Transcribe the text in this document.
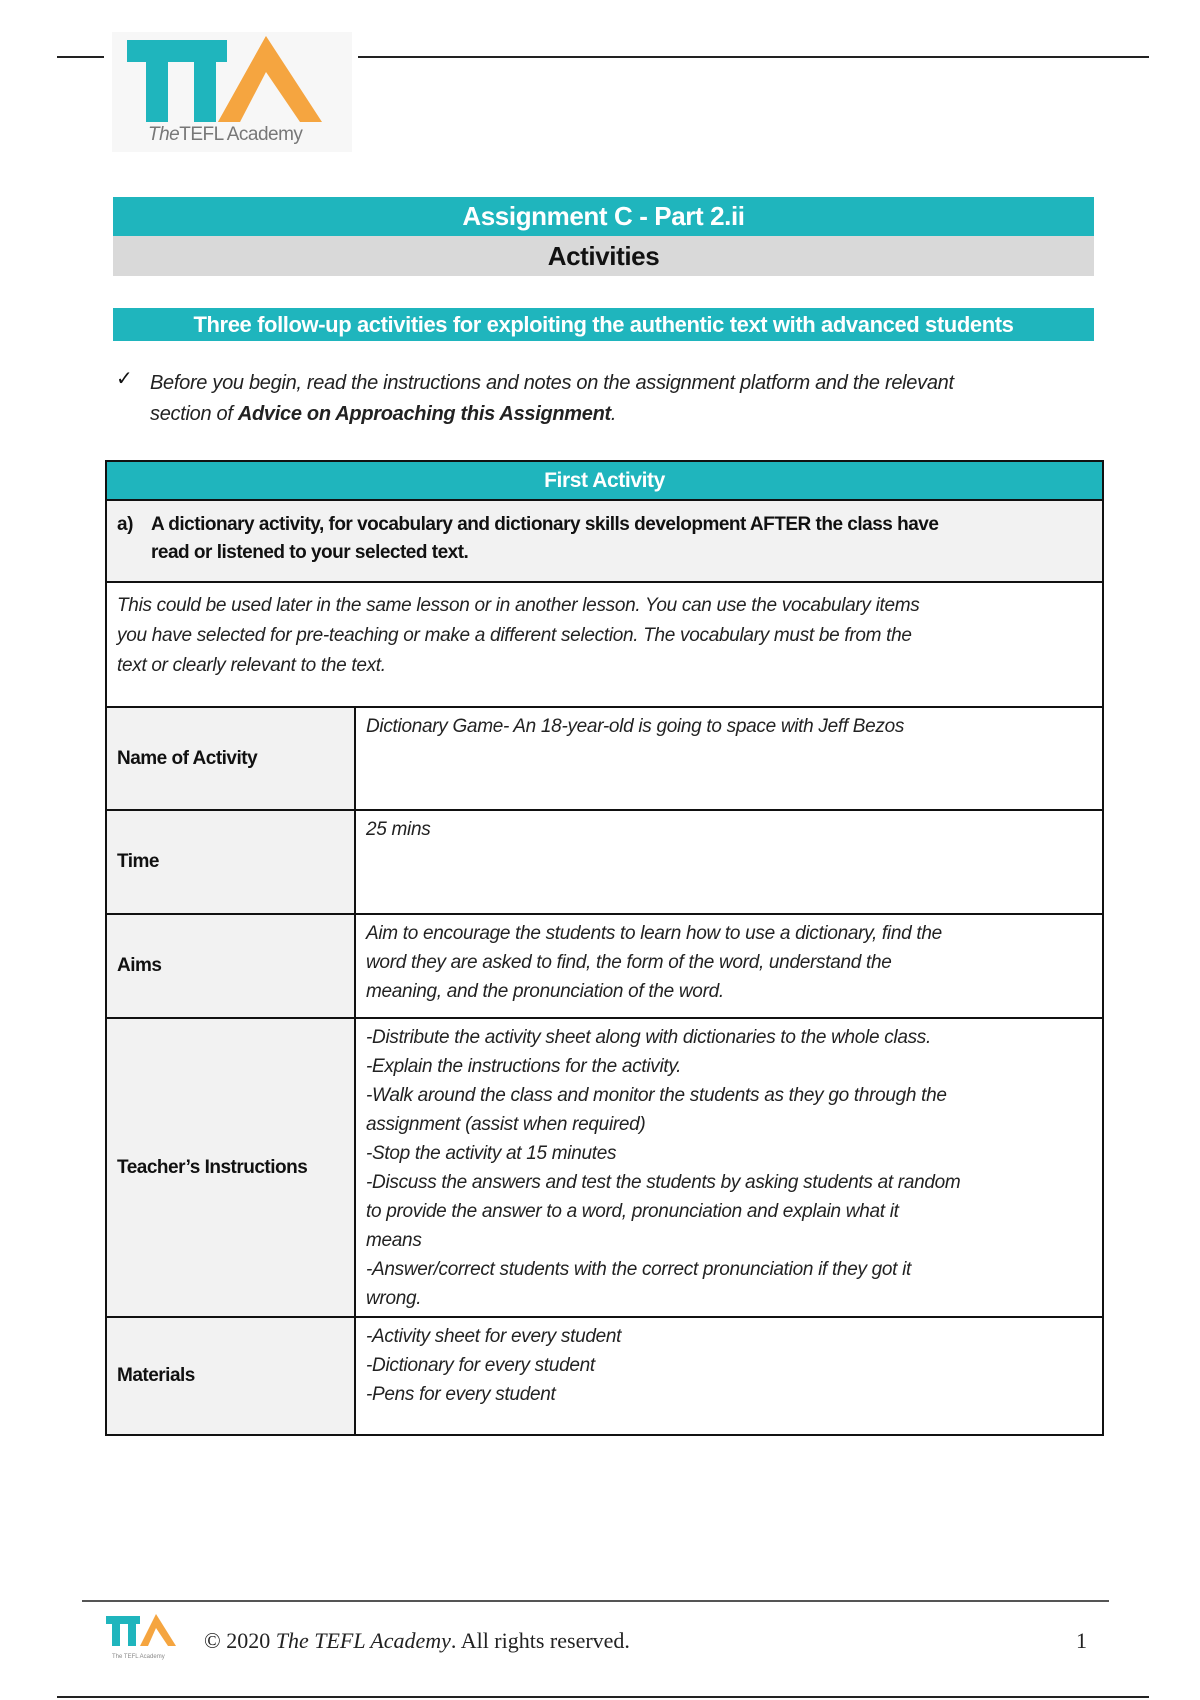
TheTEFL Academy
Assignment C - Part 2.ii
Activities
Three follow-up activities for exploiting the authentic text with advanced students
✓ Before you begin, read the instructions and notes on the assignment platform and the relevant
section of Advice on Approaching this Assignment.
First Activity
a) A dictionary activity, for vocabulary and dictionary skills development AFTER the class have
read or listened to your selected text.
This could be used later in the same lesson or in another lesson. You can use the vocabulary items
you have selected for pre-teaching or make a different selection. The vocabulary must be from the
text or clearly relevant to the text.
Name of Activity
Dictionary Game- An 18-year-old is going to space with Jeff Bezos
Time
25 mins
Aims
Aim to encourage the students to learn how to use a dictionary, find the
word they are asked to find, the form of the word, understand the
meaning, and the pronunciation of the word.
Teacher’s Instructions
-Distribute the activity sheet along with dictionaries to the whole class.
-Explain the instructions for the activity.
-Walk around the class and monitor the students as they go through the
assignment (assist when required)
-Stop the activity at 15 minutes
-Discuss the answers and test the students by asking students at random
to provide the answer to a word, pronunciation and explain what it
means
-Answer/correct students with the correct pronunciation if they got it
wrong.
Materials
-Activity sheet for every student
-Dictionary for every student
-Pens for every student
The TEFL Academy
© 2020 The TEFL Academy. All rights reserved.	1
